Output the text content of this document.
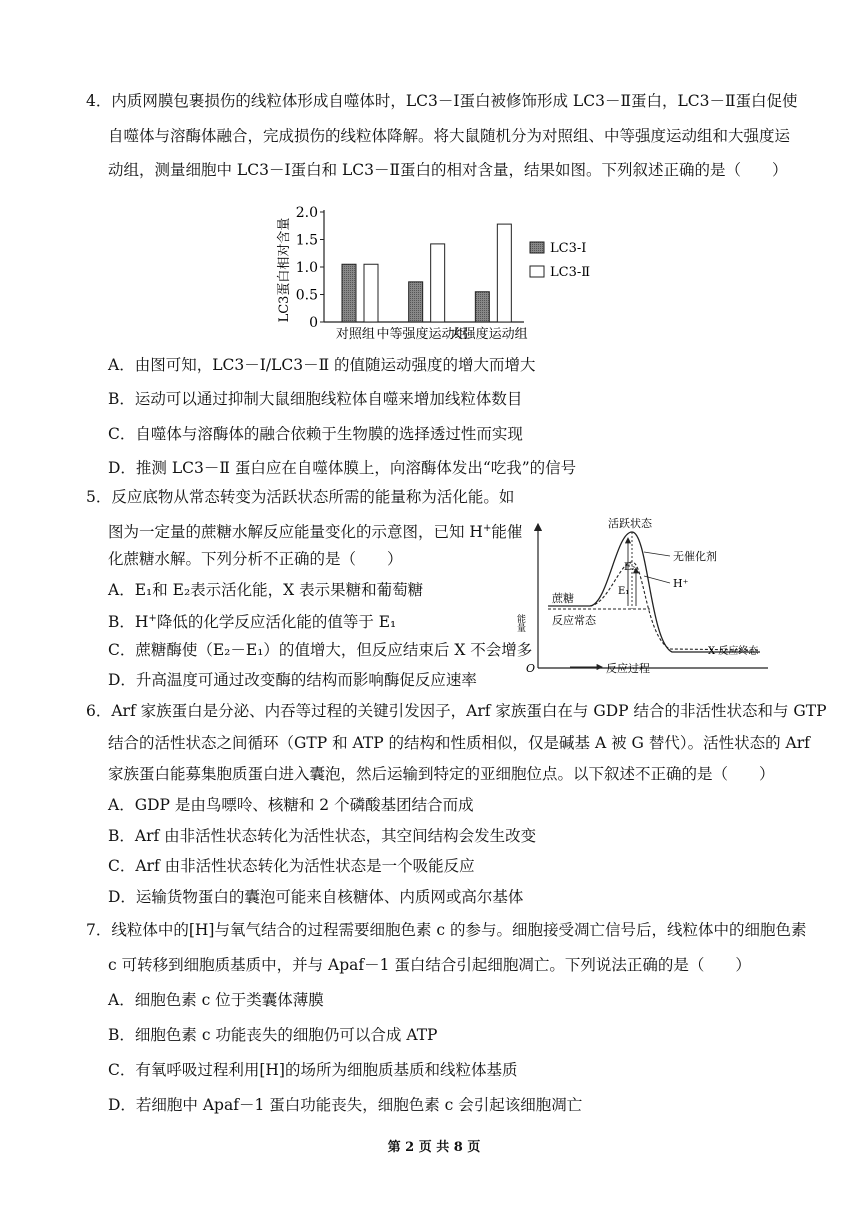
4．内质网膜包裹损伤的线粒体形成自噬体时，LC3－Ⅰ蛋白被修饰形成 LC3－Ⅱ蛋白，LC3－Ⅱ蛋白促使
自噬体与溶酶体融合，完成损伤的线粒体降解。将大鼠随机分为对照组、中等强度运动组和大强度运
动组，测量细胞中 LC3－Ⅰ蛋白和 LC3－Ⅱ蛋白的相对含量，结果如图。下列叙述正确的是（　　）
LC3蛋白相对含量
0
0.5
1.0
1.5
2.0
对照组 中等强度运动组
大强度运动组
LC3-Ⅰ
LC3-Ⅱ
A．由图可知，LC3－Ⅰ/LC3－Ⅱ 的值随运动强度的增大而增大
B．运动可以通过抑制大鼠细胞线粒体自噬来增加线粒体数目
C．自噬体与溶酶体的融合依赖于生物膜的选择透过性而实现
D．推测 LC3－Ⅱ 蛋白应在自噬体膜上，向溶酶体发出“吃我”的信号
5．反应底物从常态转变为活跃状态所需的能量称为活化能。如
图为一定量的蔗糖水解反应能量变化的示意图，已知 H+能催
化蔗糖水解。下列分析不正确的是（　　）
A．E₁和 E₂表示活化能，X 表示果糖和葡萄糖
B．H+降低的化学反应活化能的值等于 E₁
C．蔗糖酶使（E₂－E₁）的值增大，但反应结束后 X 不会增多
D．升高温度可通过改变酶的结构而影响酶促反应速率
活跃状态
无催化剂
E₂
E₁
H⁺
蔗糖
反应常态
X 反应终态
O	反应过程
能量
6．Arf 家族蛋白是分泌、内吞等过程的关键引发因子，Arf 家族蛋白在与 GDP 结合的非活性状态和与 GTP
结合的活性状态之间循环（GTP 和 ATP 的结构和性质相似，仅是碱基 A 被 G 替代）。活性状态的 Arf
家族蛋白能募集胞质蛋白进入囊泡，然后运输到特定的亚细胞位点。以下叙述不正确的是（　　）
A．GDP 是由鸟嘌呤、核糖和 2 个磷酸基团结合而成
B．Arf 由非活性状态转化为活性状态，其空间结构会发生改变
C．Arf 由非活性状态转化为活性状态是一个吸能反应
D．运输货物蛋白的囊泡可能来自核糖体、内质网或高尔基体
7．线粒体中的[H]与氧气结合的过程需要细胞色素 c 的参与。细胞接受凋亡信号后，线粒体中的细胞色素
c 可转移到细胞质基质中，并与 Apaf－1 蛋白结合引起细胞凋亡。下列说法正确的是（　　）
A．细胞色素 c 位于类囊体薄膜
B．细胞色素 c 功能丧失的细胞仍可以合成 ATP
C．有氧呼吸过程利用[H]的场所为细胞质基质和线粒体基质
D．若细胞中 Apaf－1 蛋白功能丧失，细胞色素 c 会引起该细胞凋亡
第 2 页 共 8 页
